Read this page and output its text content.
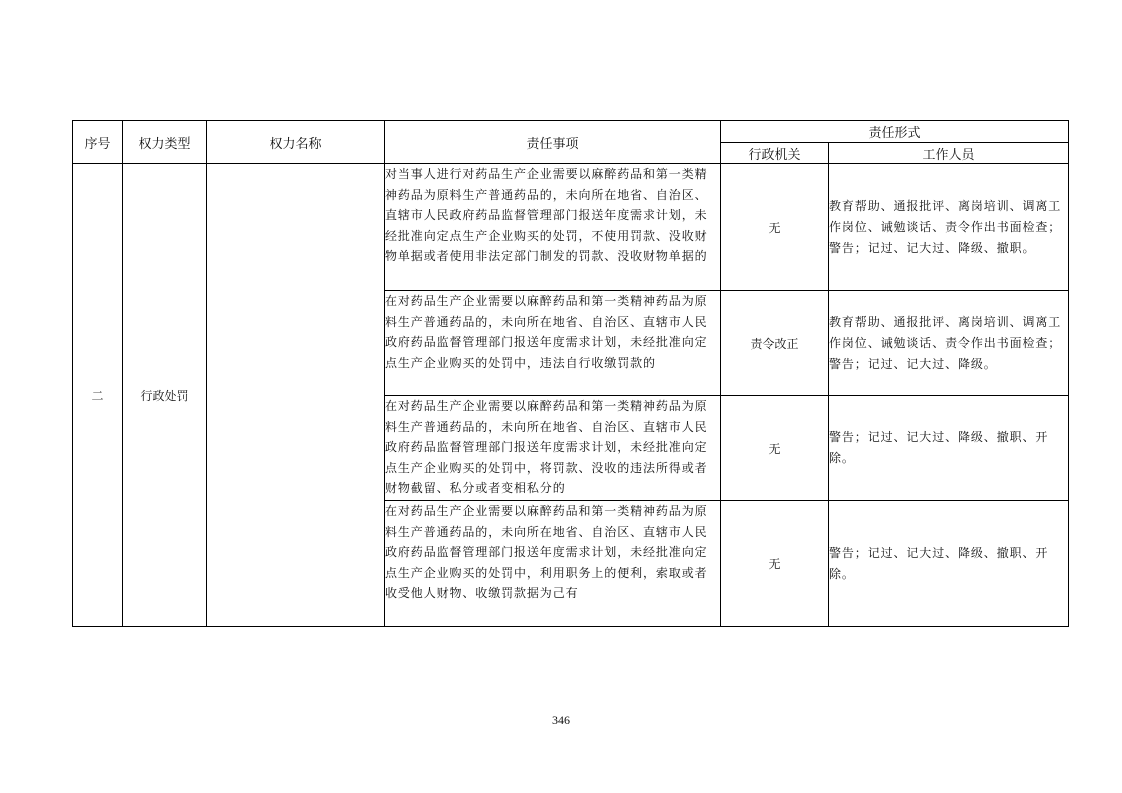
序号	权力类型	权力名称	责任事项	责任形式	
				行政机关	工作人员
二	行政处罚		对当事人进行对药品生产企业需要以麻醉药品和第一类精神药品为原料生产普通药品的，未向所在地省、自治区、直辖市人民政府药品监督管理部门报送年度需求计划，未经批准向定点生产企业购买的处罚，不使用罚款、没收财物单据或者使用非法定部门制发的罚款、没收财物单据的	无	教育帮助、通报批评、离岗培训、调离工作岗位、诫勉谈话、责令作出书面检查；警告；记过、记大过、降级、撤职。
			在对药品生产企业需要以麻醉药品和第一类精神药品为原料生产普通药品的，未向所在地省、自治区、直辖市人民政府药品监督管理部门报送年度需求计划，未经批准向定点生产企业购买的处罚中，违法自行收缴罚款的	责令改正	教育帮助、通报批评、离岗培训、调离工作岗位、诫勉谈话、责令作出书面检查；警告；记过、记大过、降级。
			在对药品生产企业需要以麻醉药品和第一类精神药品为原料生产普通药品的，未向所在地省、自治区、直辖市人民政府药品监督管理部门报送年度需求计划，未经批准向定点生产企业购买的处罚中，将罚款、没收的违法所得或者财物截留、私分或者变相私分的	无	警告；记过、记大过、降级、撤职、开除。
			在对药品生产企业需要以麻醉药品和第一类精神药品为原料生产普通药品的，未向所在地省、自治区、直辖市人民政府药品监督管理部门报送年度需求计划，未经批准向定点生产企业购买的处罚中，利用职务上的便利，索取或者收受他人财物、收缴罚款据为己有	无	警告；记过、记大过、降级、撤职、开除。
346
